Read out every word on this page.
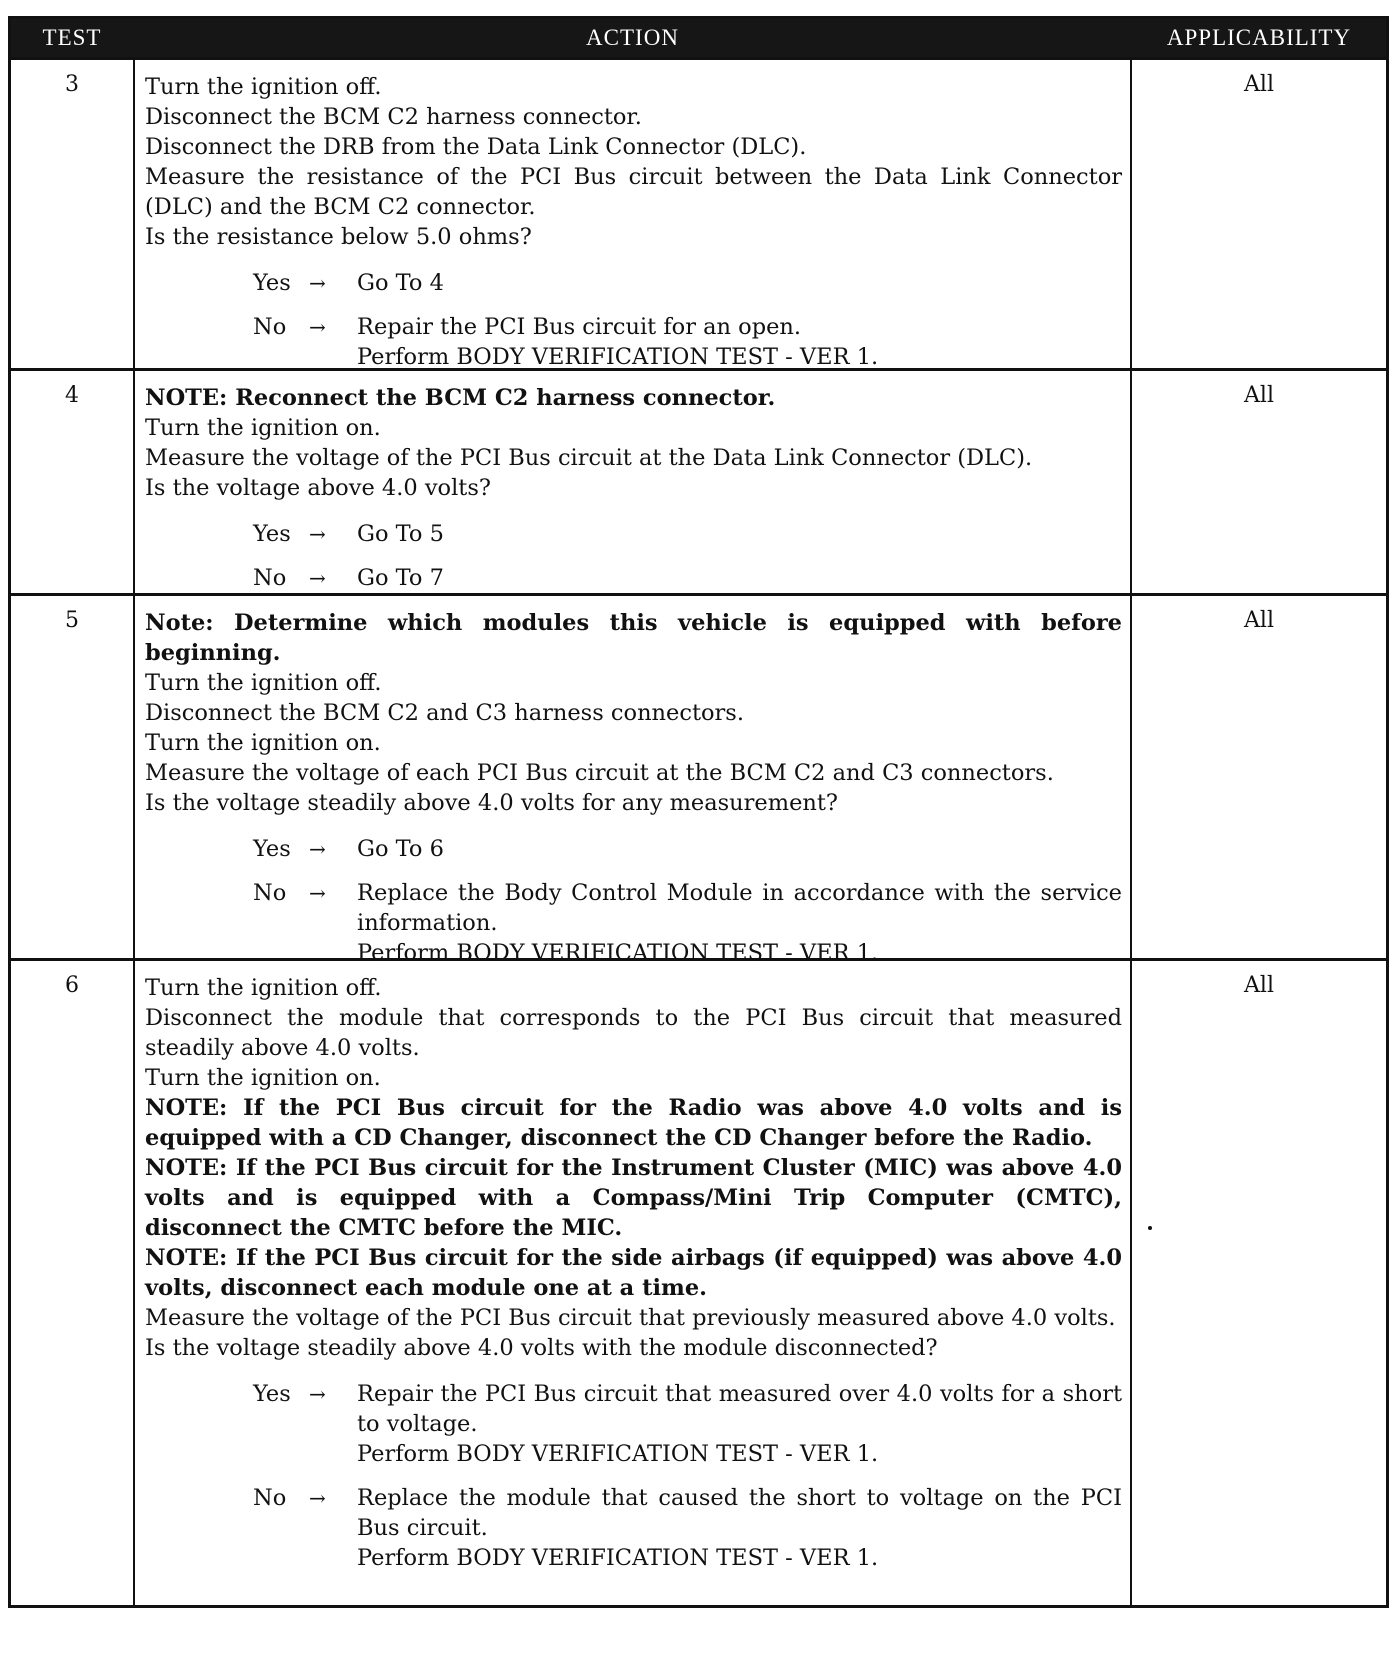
TEST	ACTION	APPLICABILITY
3	Turn the ignition off.
Disconnect the BCM C2 harness connector.
Disconnect the DRB from the Data Link Connector (DLC).
Measure the resistance of the PCI Bus circuit between the Data Link Connector (DLC) and the BCM C2 connector.
Is the resistance below 5.0 ohms?
Yes →	Go To 4
No	→	Repair the PCI Bus circuit for an open.
Perform BODY VERIFICATION TEST - VER 1.
All
4	NOTE: Reconnect the BCM C2 harness connector.
Turn the ignition on.
Measure the voltage of the PCI Bus circuit at the Data Link Connector (DLC).
Is the voltage above 4.0 volts?
Yes →	Go To 5
No	→	Go To 7
All
5	Note: Determine which modules this vehicle is equipped with before beginning.
Turn the ignition off.
Disconnect the BCM C2 and C3 harness connectors.
Turn the ignition on.
Measure the voltage of each PCI Bus circuit at the BCM C2 and C3 connectors.
Is the voltage steadily above 4.0 volts for any measurement?
Yes →	Go To 6
No	→	Replace the Body Control Module in accordance with the service information.
Perform BODY VERIFICATION TEST - VER 1.
All
6	Turn the ignition off.
Disconnect the module that corresponds to the PCI Bus circuit that measured steadily above 4.0 volts.
Turn the ignition on.
NOTE: If the PCI Bus circuit for the Radio was above 4.0 volts and is equipped with a CD Changer, disconnect the CD Changer before the Radio.
NOTE: If the PCI Bus circuit for the Instrument Cluster (MIC) was above 4.0 volts and is equipped with a Compass/Mini Trip Computer (CMTC), disconnect the CMTC before the MIC.
NOTE: If the PCI Bus circuit for the side airbags (if equipped) was above 4.0 volts, disconnect each module one at a time.
Measure the voltage of the PCI Bus circuit that previously measured above 4.0 volts.
Is the voltage steadily above 4.0 volts with the module disconnected?
Yes →	Repair the PCI Bus circuit that measured over 4.0 volts for a short to voltage.
Perform BODY VERIFICATION TEST - VER 1.
No	→	Replace the module that caused the short to voltage on the PCI Bus circuit.
Perform BODY VERIFICATION TEST - VER 1.
All
